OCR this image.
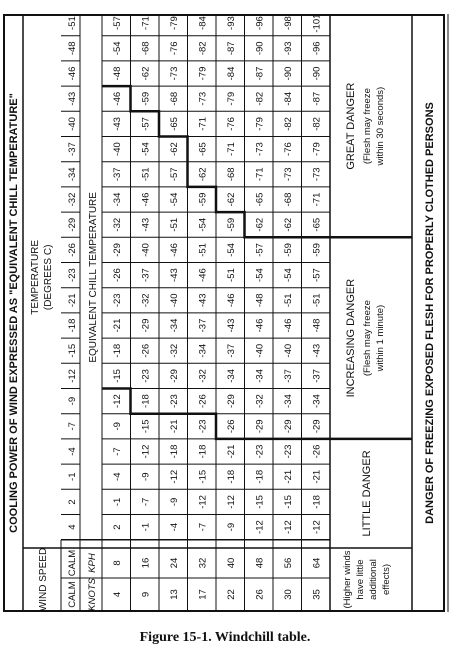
COOLING POWER OF WIND EXPRESSED AS "EQUIVALENT CHILL TEMPERATURE"
WIND SPEED
TEMPERATURE (DEGREES C)
CALM
CALM
4
2
-1
-4
-7
-9
-12
-15
-18
-21
-23
-26
-29
-32
-34
-37
-40
-43
-46
-48
-51
KNOTS
KPH
EQUIVALENT CHILL TEMPERATURE
4
8
2
-1
-4
-7
-9
-12
-15
-18
-21
-23
-26
-29
-32
-34
-37
-40
-43
-46
-48
-54
-57
9
16
-1
-7
-9
-12
-15
-18
-23
-26
-29
-32
-37
-40
-43
-46
-51
-54
-57
-59
-62
-68
-71
13
24
-4
-9
-12
-18
-21
-23
-29
-32
-34
-40
-43
-46
-51
-54
-57
-62
-65
-68
-73
-76
-79
17
32
-7
-12
-15
-18
-23
-26
-32
-34
-37
-43
-46
-51
-54
-59
-62
-65
-71
-73
-79
-82
-84
22
40
-9
-12
-18
-21
-26
-29
-34
-37
-43
-46
-51
-54
-59
-62
-68
-71
-76
-79
-84
-87
-93
26
48
-12
-15
-18
-23
-29
-32
-34
-40
-46
-48
-54
-57
-62
-65
-71
-73
-79
-82
-87
-90
-96
30
56
-12
-15
-21
-23
-29
-34
-37
-40
-46
-51
-54
-59
-62
-68
-73
-76
-82
-84
-90
-93
-98
35
64
-12
-18
-21
-26
-29
-34
-37
-43
-48
-51
-57
-59
-65
-71
-73
-79
-82
-87
-90
-96
-101
(Higher winds have little additional effects)
LITTLE DANGER
INCREASING DANGER (Flesh may freeze within 1 minute)
GREAT DANGER (Flesh may freeze within 30 seconds)	DANGER OF FREEZING EXPOSED FLESH FOR PROPERLY CLOTHED PERSONS
Figure 15-1. Windchill table.
